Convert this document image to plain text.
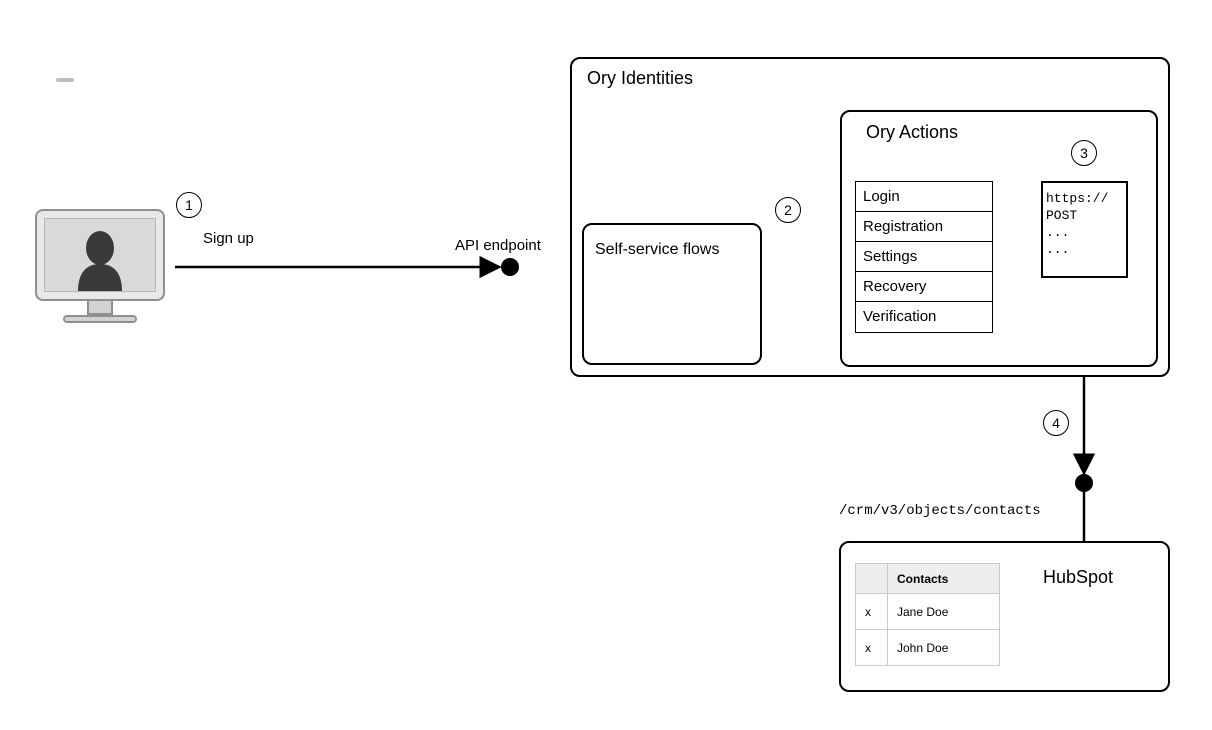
1
Sign up	API endpoint
Ory Identities
Self-service flows
2
Ory Actions
Login
Registration
Settings
Recovery
Verification
3
https://
POST
...
...
4
/crm/v3/objects/contacts
HubSpot
	Contacts
x	Jane Doe
x	John Doe
